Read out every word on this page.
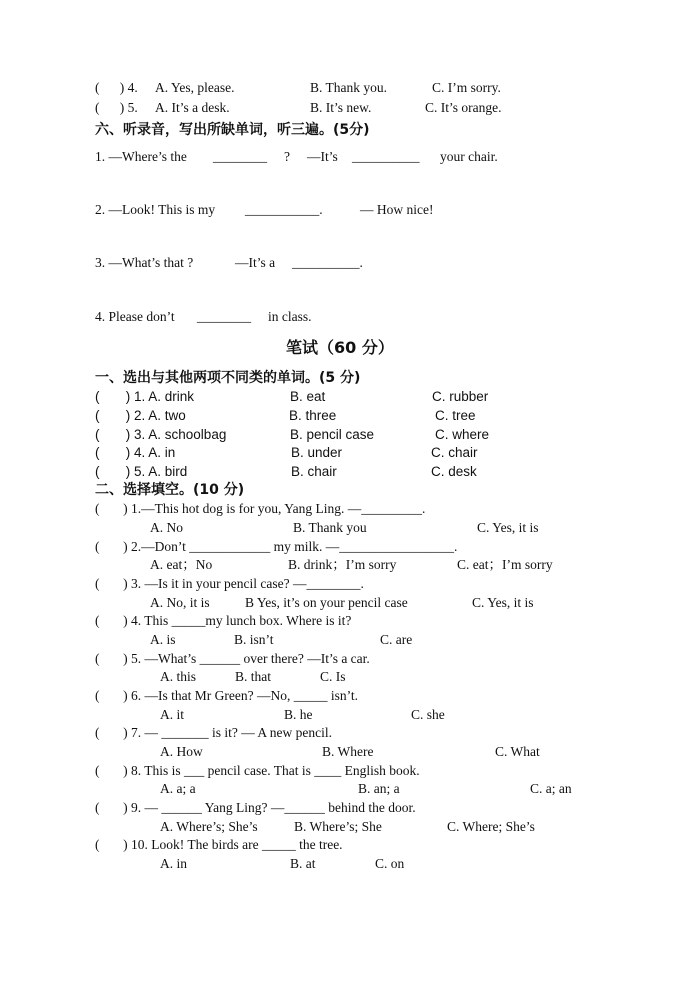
(      ) 4. A. Yes, please.	B. Thank you.	C. I’m sorry.
(      ) 5. A. It’s a desk.	B. It’s new.	C. It’s orange.
六、听录音，写出所缺单词，听三遍。(5分)
1. —Where’s the ________ ? —It’s __________ your chair.
2. —Look! This is my ___________.	— How nice!
3. —What’s that ?	—It’s a __________.
4. Please don’t ________ in class.
笔试（60 分）
一、选出与其他两项不同类的单词。(5 分)
(       ) 1. A. drink	B. eat	C. rubber
(       ) 2. A. two	B. three	C. tree
(       ) 3. A. schoolbag	B. pencil case	C. where
(       ) 4. A. in	B. under	C. chair
(       ) 5. A. bird	B. chair	C. desk
二、选择填空。(10 分)
(       ) 1.—This hot dog is for you, Yang Ling. —_________.
A. No	B. Thank you	C. Yes, it is
(       ) 2.—Don’t ____________ my milk. —_________________.
A. eat；No	B. drink；I’m sorry	C. eat；I’m sorry
(       ) 3. —Is it in your pencil case? —________.
A. No, it is	B Yes, it’s on your pencil case	C. Yes, it is
(       ) 4. This _____my lunch box. Where is it?
A. is	B. isn’t	C. are
(       ) 5. —What’s ______ over there? —It’s a car.
A. this	B. that	C. Is
(       ) 6. —Is that Mr Green? —No, _____ isn’t.
A. it	B. he	C. she
(       ) 7. — _______ is it? — A new pencil.
A. How	B. Where	C. What
(       ) 8. This is ___ pencil case. That is ____ English book.
A. a; a	B. an; a	C. a; an
(       ) 9. — ______ Yang Ling? —______ behind the door.
A. Where’s; She’s	B. Where’s; She	C. Where; She’s
(       ) 10. Look! The birds are _____ the tree.
A. in	B. at	C. on
